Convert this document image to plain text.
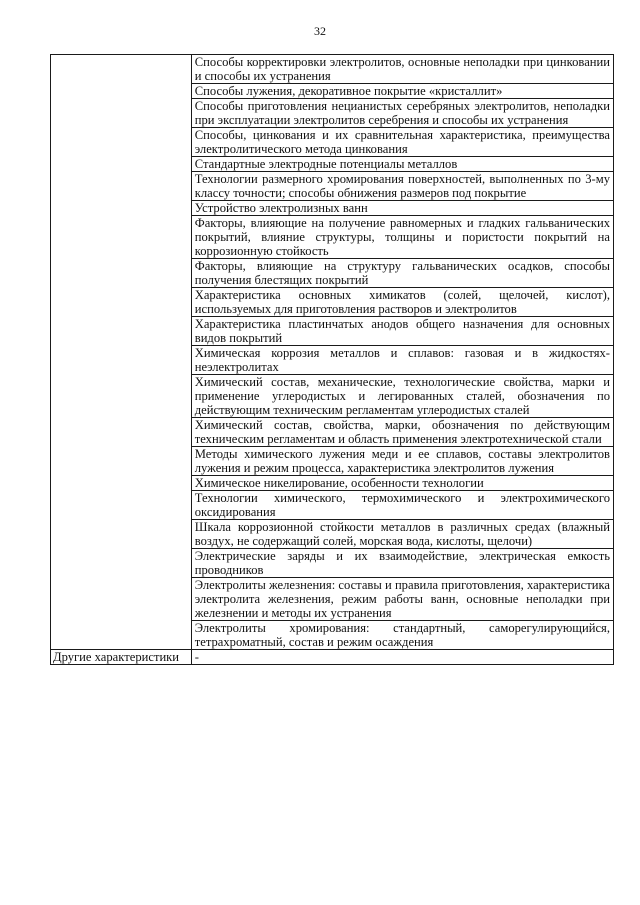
32
	Способы корректировки электролитов, основные неполадки при цинковании и способы их устранения
	Способы лужения, декоративное покрытие «кристаллит»
	Способы приготовления нецианистых серебряных электролитов, неполадки при эксплуатации электролитов серебрения и способы их устранения
	Способы, цинкования и их сравнительная характеристика, преимущества электролитического метода цинкования
	Стандартные электродные потенциалы металлов
	Технологии размерного хромирования поверхностей, выполненных по 3-му классу точности; способы обнижения размеров под покрытие
	Устройство электролизных ванн
	Факторы, влияющие на получение равномерных и гладких гальванических покрытий, влияние структуры, толщины и пористости покрытий на коррозионную стойкость
	Факторы, влияющие на структуру гальванических осадков, способы получения блестящих покрытий
	Характеристика основных химикатов (солей, щелочей, кислот), используемых для приготовления растворов и электролитов
	Характеристика пластинчатых анодов общего назначения для основных видов покрытий
	Химическая коррозия металлов и сплавов: газовая и в жидкостях-неэлектролитах
	Химический состав, механические, технологические свойства, марки и применение углеродистых и легированных сталей, обозначения по действующим техническим регламентам углеродистых сталей
	Химический состав, свойства, марки, обозначения по действующим техническим регламентам и область применения электротехнической стали
	Методы химического лужения меди и ее сплавов, составы электролитов лужения и режим процесса, характеристика электролитов лужения
	Химическое никелирование, особенности технологии
	Технологии химического, термохимического и электрохимического оксидирования
	Шкала коррозионной стойкости металлов в различных средах (влажный воздух, не содержащий солей, морская вода, кислоты, щелочи)
	Электрические заряды и их взаимодействие, электрическая емкость проводников
	Электролиты железнения: составы и правила приготовления, характеристика электролита железнения, режим работы ванн, основные неполадки при железнении и методы их устранения
	Электролиты хромирования: стандартный, саморегулирующийся, тетрахроматный, состав и режим осаждения
Другие характеристики	-
